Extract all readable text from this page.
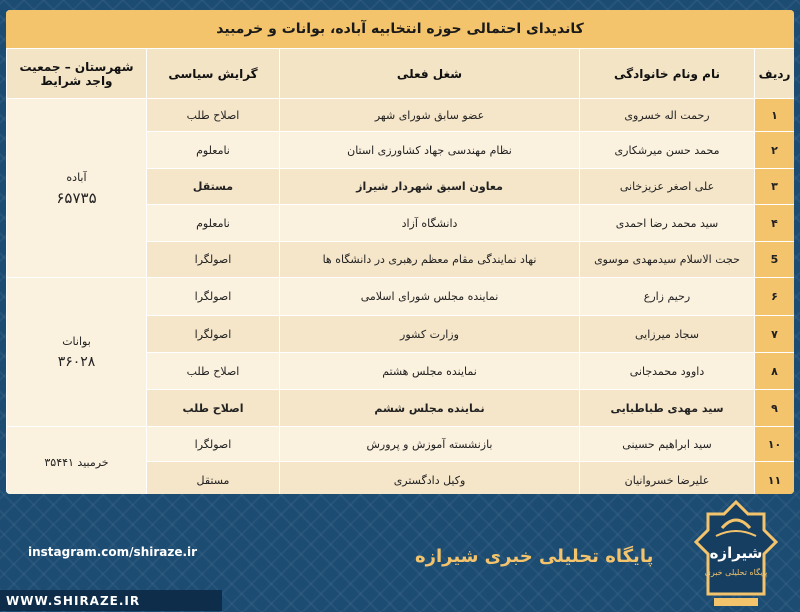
کاندیدای احتمالی حوزه انتخابیه آباده، بوانات و خرمبید
ردیف	نام ونام خانوادگی	شغل فعلی	گرایش سیاسی	شهرستان – جمعیت واجد شرایط
۱	رحمت اله خسروی	عضو سابق شورای شهر	اصلاح طلب	آباده
۶۵۷۳۵

۲	محمد حسن میرشکاری	نظام مهندسی جهاد کشاورزی استان	نامعلوم	
۳	علی اصغر عزیزخانی	معاون اسبق شهردار شیراز	مستقل	
۴	سید محمد رضا احمدی	دانشگاه آزاد	نامعلوم	
5	حجت الاسلام سیدمهدی موسوی	نهاد نمایندگی مقام معظم رهبری در دانشگاه ها	اصولگرا	
۶	رحیم زارع	نماینده مجلس شورای اسلامی	اصولگرا	بوانات
۳۶۰۲۸

۷	سجاد میرزایی	وزارت کشور	اصولگرا	
۸	داوود محمدجانی	نماینده مجلس هشتم	اصلاح طلب	
۹	سید مهدی طباطبایی	نماینده مجلس ششم	اصلاح طلب	
۱۰	سید ابراهیم حسینی	بازنشسته آموزش و پرورش	اصولگرا	خرمبید ۳۵۴۴۱
۱۱	علیرضا خسروانیان	وکیل دادگستری	مستقل	
instagram.com/shiraze.ir	پایگاه تحلیلی خبری شیرازه
WWW.SHIRAZE.IR
شیرازه
پایگاه تحلیلی خبری
